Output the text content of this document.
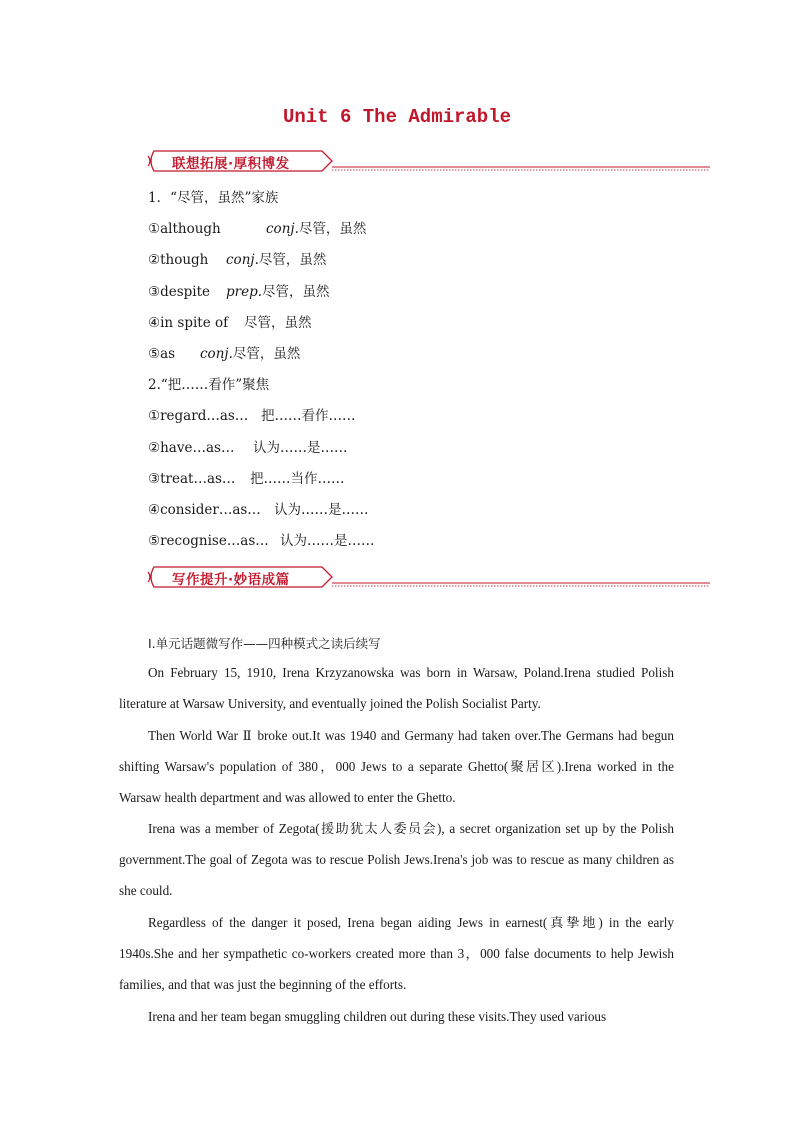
Unit 6 The Admirable
联想拓展·厚积博发
1．“尽管，虽然”家族
①although	conj.尽管，虽然
②though conj.尽管，虽然
③despite prep.尽管，虽然
④in spite of 尽管，虽然
⑤as conj.尽管，虽然
2.“把……看作”聚焦
①regard…as… 把……看作……
②have…as… 认为……是……
③treat…as… 把……当作……
④consider…as… 认为……是……
⑤recognise…as… 认为……是……
写作提升·妙语成篇
Ⅰ.单元话题微写作——四种模式之读后续写

On February 15, 1910, Irena Krzyzanowska was born in Warsaw, Poland.Irena studied Polish literature at Warsaw University, and eventually joined the Polish Socialist Party.

Then World War Ⅱ broke out.It was 1940 and Germany had taken over.The Germans had begun shifting Warsaw's population of 380，000 Jews to a separate Ghetto(聚居区).Irena worked in the Warsaw health department and was allowed to enter the Ghetto.

Irena was a member of Zegota(援助犹太人委员会), a secret organization set up by the Polish government.The goal of Zegota was to rescue Polish Jews.Irena's job was to rescue as many children as she could.

Regardless of the danger it posed, Irena began aiding Jews in earnest(真挚地) in the early 1940s.She and her sympathetic co-workers created more than 3，000 false documents to help Jewish families, and that was just the beginning of the efforts.

Irena and her team began smuggling children out during these visits.They used various
